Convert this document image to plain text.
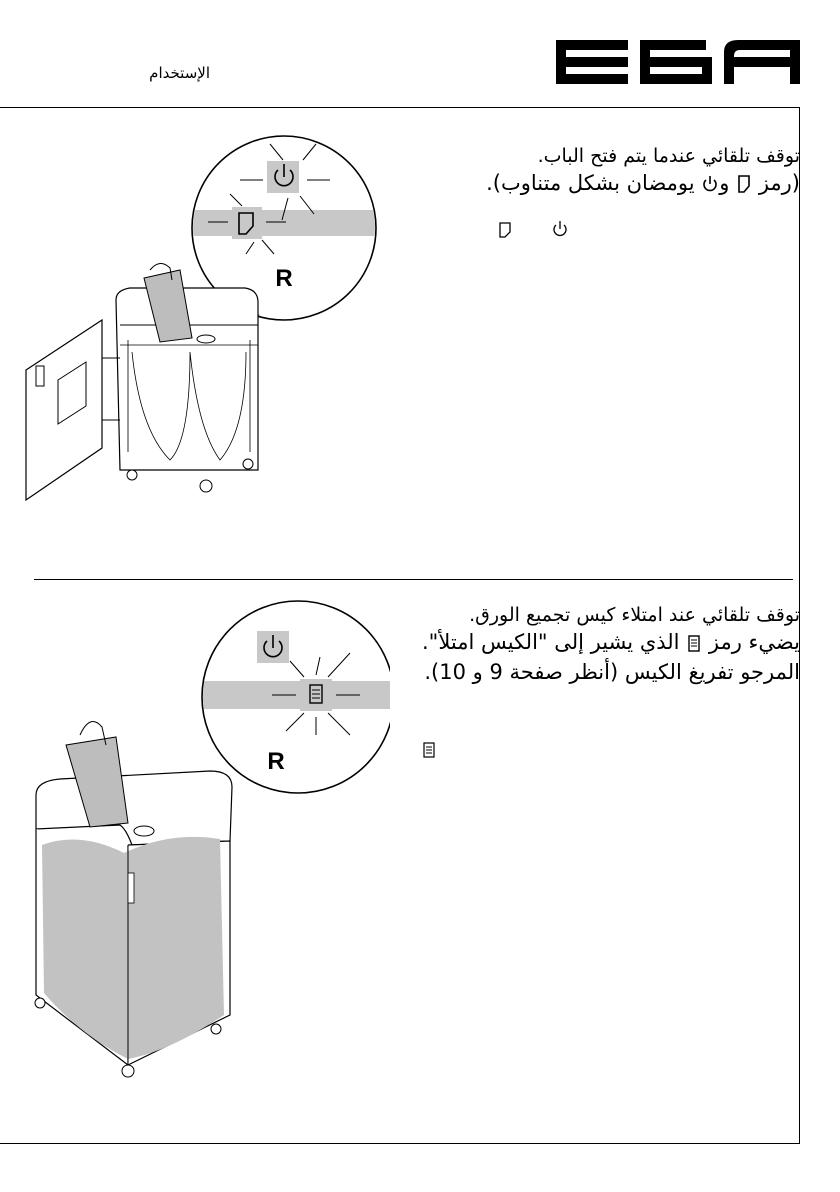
الإستخدام
توقف تلقائي عندما يتم فتح الباب.
(رمز  و يومضان بشكل متناوب).
R
توقف تلقائي عند امتلاء كيس تجميع الورق.
يضيء رمز  الذي يشير إلى "الكيس امتلأ".
المرجو تفريغ الكيس (أنظر صفحة 9 و 10).
R
